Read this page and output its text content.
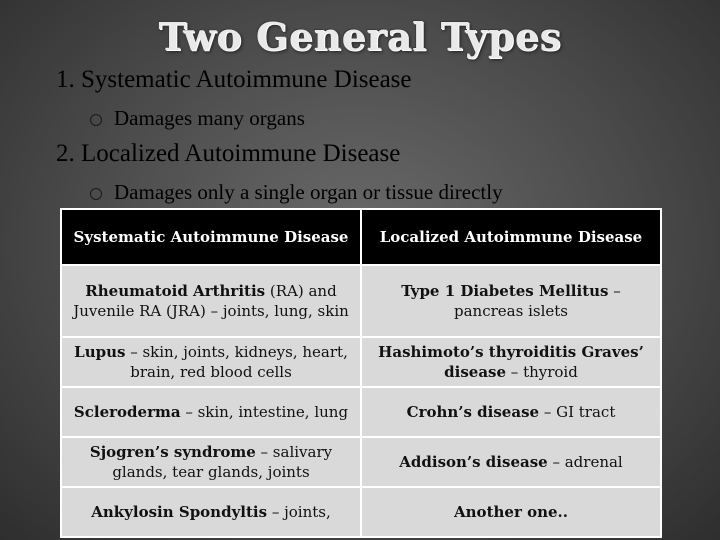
Two General Types
1. Systematic Autoimmune Disease
Damages many organs
2. Localized Autoimmune Disease
Damages only a single organ or tissue directly
Systematic Autoimmune Disease	Localized Autoimmune Disease
Rheumatoid Arthritis (RA) and Juvenile RA (JRA) – joints, lung, skin	Type 1 Diabetes Mellitus – pancreas islets
Lupus – skin, joints, kidneys, heart, brain, red blood cells	Hashimoto’s thyroiditis Graves’ disease – thyroid
Scleroderma – skin, intestine, lung	Crohn’s disease – GI tract
Sjogren’s syndrome – salivary glands, tear glands, joints	Addison’s disease – adrenal
Ankylosin Spondyltis – joints,	Another one..
